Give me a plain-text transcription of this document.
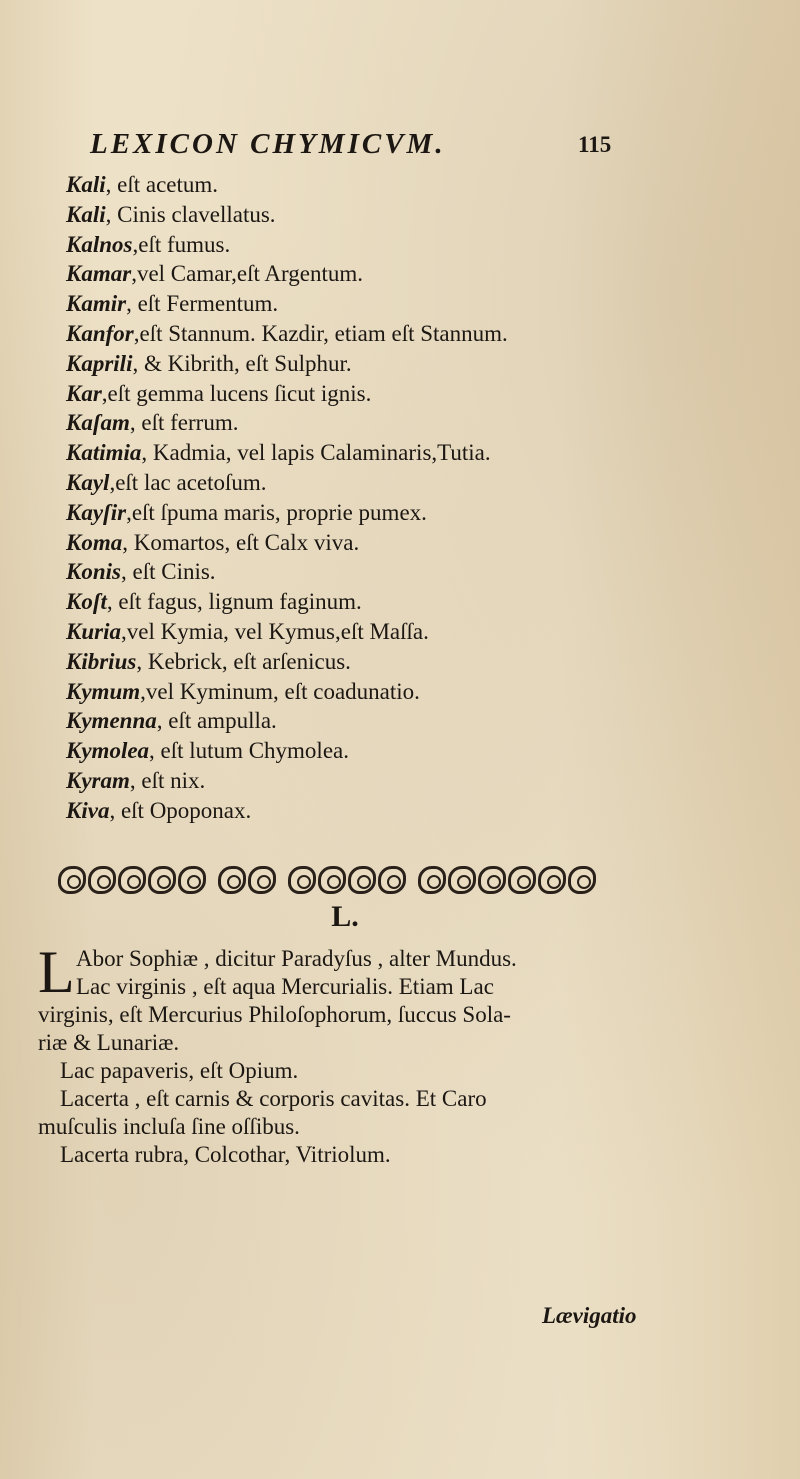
LEXICON CHYMICVM.	115
Kali, eſt acetum.
Kali, Cinis clavellatus.
Kalnos,eſt fumus.
Kamar,vel Camar,eſt Argentum.
Kamir, eſt Fermentum.
Kanfor,eſt Stannum. Kazdir, etiam eſt Stannum.
Kaprili, & Kibrith, eſt Sulphur.
Kar,eſt gemma lucens ſicut ignis.
Kaſam, eſt ferrum.
Katimia, Kadmia, vel lapis Calaminaris,Tutia.
Kayl,eſt lac acetoſum.
Kayſir,eſt ſpuma maris, proprie pumex.
Koma, Komartos, eſt Calx viva.
Konis, eſt Cinis.
Koſt, eſt fagus, lignum faginum.
Kuria,vel Kymia, vel Kymus,eſt Maſſa.
Kibrius, Kebrick, eſt arſenicus.
Kymum,vel Kyminum, eſt coadunatio.
Kymenna, eſt ampulla.
Kymolea, eſt lutum Chymolea.
Kyram, eſt nix.
Kiva, eſt Opoponax.
L.
L Abor Sophiæ , dicitur Paradyſus , alter Mundus.
Lac virginis , eſt aqua Mercurialis. Etiam Lac
virginis, eſt Mercurius Philoſophorum, ſuccus Sola-
riæ & Lunariæ.
Lac papaveris, eſt Opium.
Lacerta , eſt carnis & corporis cavitas. Et Caro
muſculis incluſa ſine oſſibus.
Lacerta rubra, Colcothar, Vitriolum.
Lævigatio
